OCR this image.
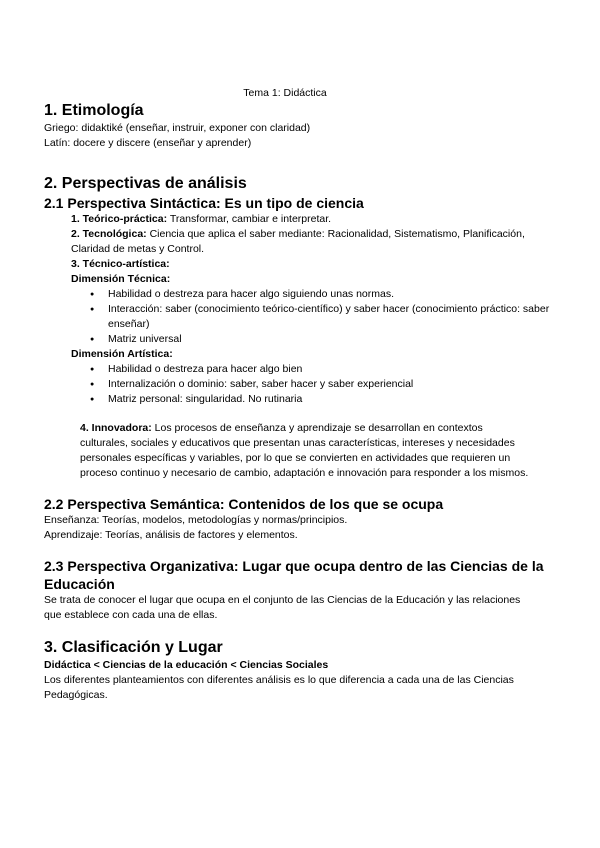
Tema 1: Didáctica
1. Etimología

Griego: didaktiké (enseñar, instruir, exponer con claridad)

Latín: docere y discere (enseñar y aprender)

2. Perspectivas de análisis
2.1 Perspectiva Sintáctica: Es un tipo de ciencia

1. Teórico-práctica: Transformar, cambiar e interpretar.

2. Tecnológica: Ciencia que aplica el saber mediante: Racionalidad, Sistematismo, Planificación,

Claridad de metas y Control.

3. Técnico-artística:

Dimensión Técnica:

● Habilidad o destreza para hacer algo siguiendo unas normas.
● Interacción: saber (conocimiento teórico-científico) y saber hacer (conocimiento práctico: saber enseñar)
● Matriz universal

Dimensión Artística:

● Habilidad o destreza para hacer algo bien
● Internalización o dominio: saber, saber hacer y saber experiencial
● Matriz personal: singularidad. No rutinaria

4. Innovadora: Los procesos de enseñanza y aprendizaje se desarrollan en contextos

culturales, sociales y educativos que presentan unas características, intereses y necesidades

personales específicas y variables, por lo que se convierten en actividades que requieren un

proceso continuo y necesario de cambio, adaptación e innovación para responder a los mismos.

2.2 Perspectiva Semántica: Contenidos de los que se ocupa

Enseñanza: Teorías, modelos, metodologías y normas/principios.

Aprendizaje: Teorías, análisis de factores y elementos.

2.3 Perspectiva Organizativa: Lugar que ocupa dentro de las Ciencias de la
Educación

Se trata de conocer el lugar que ocupa en el conjunto de las Ciencias de la Educación y las relaciones

que establece con cada una de ellas.

3. Clasificación y Lugar

Didáctica < Ciencias de la educación < Ciencias Sociales

Los diferentes planteamientos con diferentes análisis es lo que diferencia a cada una de las Ciencias

Pedagógicas.
